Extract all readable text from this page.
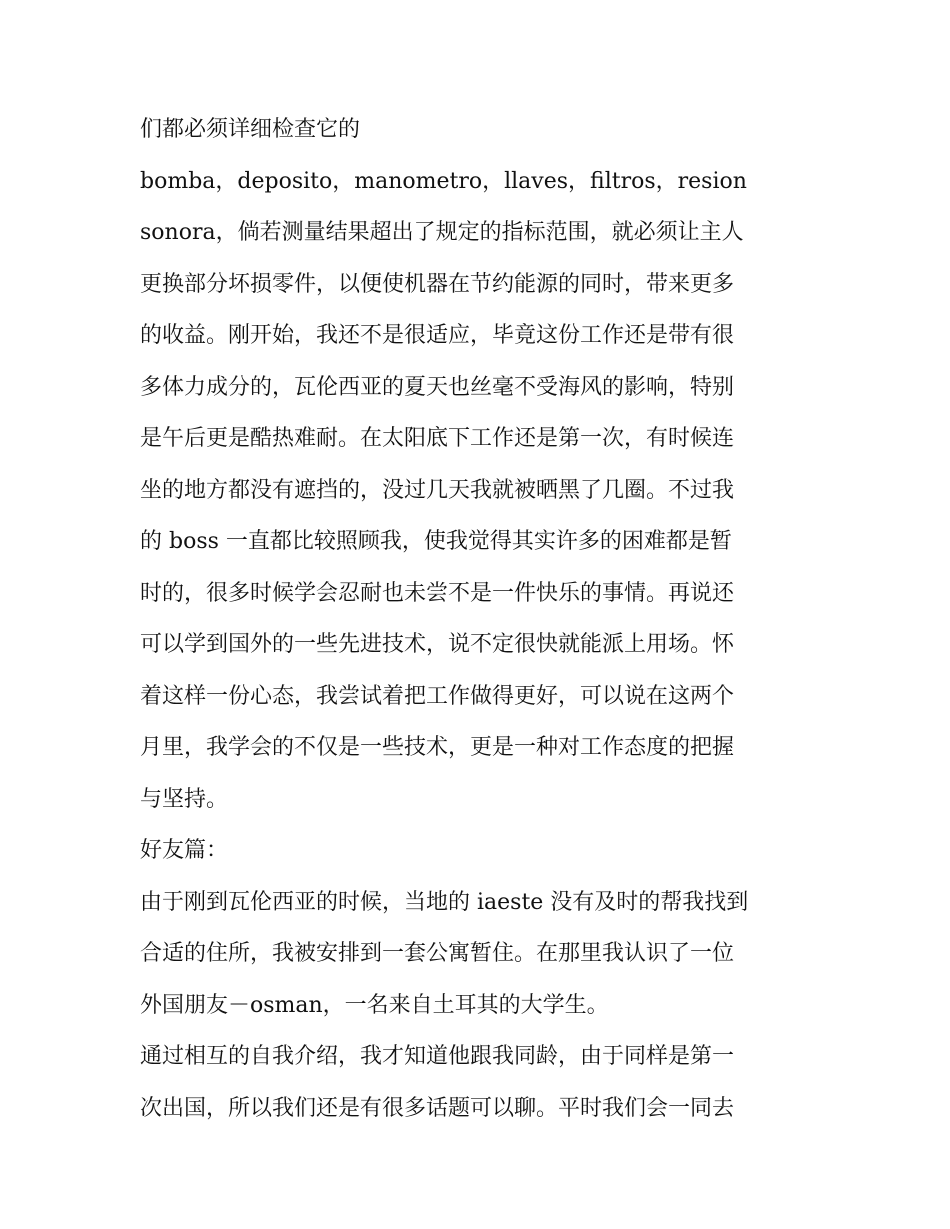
们都必须详细检查它的
bomba，deposito，manometro，llaves，filtros，resion
sonora，倘若测量结果超出了规定的指标范围，就必须让主人
更换部分坏损零件，以便使机器在节约能源的同时，带来更多
的收益。刚开始，我还不是很适应，毕竟这份工作还是带有很
多体力成分的，瓦伦西亚的夏天也丝毫不受海风的影响，特别
是午后更是酷热难耐。在太阳底下工作还是第一次，有时候连
坐的地方都没有遮挡的，没过几天我就被晒黑了几圈。不过我
的 boss 一直都比较照顾我，使我觉得其实许多的困难都是暂
时的，很多时候学会忍耐也未尝不是一件快乐的事情。再说还
可以学到国外的一些先进技术，说不定很快就能派上用场。怀
着这样一份心态，我尝试着把工作做得更好，可以说在这两个
月里，我学会的不仅是一些技术，更是一种对工作态度的把握
与坚持。
好友篇：
由于刚到瓦伦西亚的时候，当地的 iaeste 没有及时的帮我找到
合适的住所，我被安排到一套公寓暂住。在那里我认识了一位
外国朋友－osman，一名来自土耳其的大学生。
通过相互的自我介绍，我才知道他跟我同龄，由于同样是第一
次出国，所以我们还是有很多话题可以聊。平时我们会一同去
